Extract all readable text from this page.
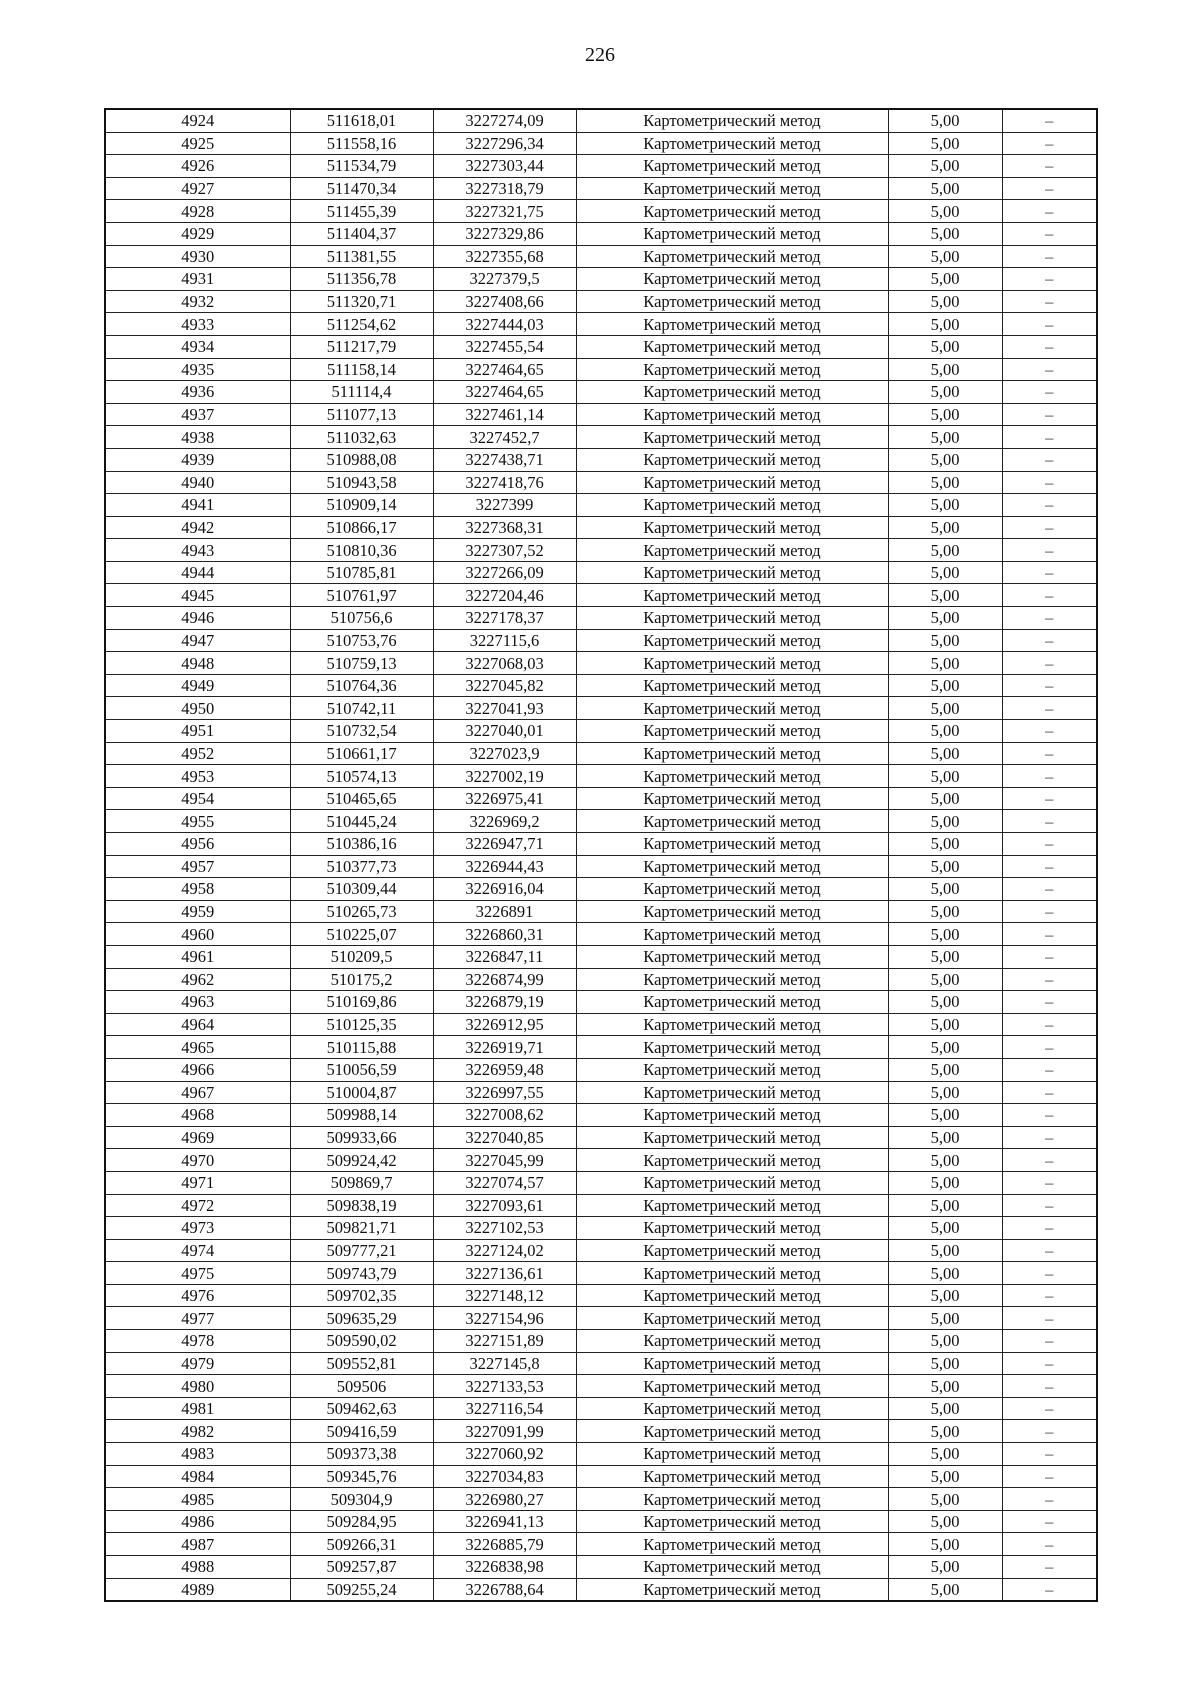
226
4924	511618,01	3227274,09	Картометрический метод	5,00	–
4925	511558,16	3227296,34	Картометрический метод	5,00	–
4926	511534,79	3227303,44	Картометрический метод	5,00	–
4927	511470,34	3227318,79	Картометрический метод	5,00	–
4928	511455,39	3227321,75	Картометрический метод	5,00	–
4929	511404,37	3227329,86	Картометрический метод	5,00	–
4930	511381,55	3227355,68	Картометрический метод	5,00	–
4931	511356,78	3227379,5	Картометрический метод	5,00	–
4932	511320,71	3227408,66	Картометрический метод	5,00	–
4933	511254,62	3227444,03	Картометрический метод	5,00	–
4934	511217,79	3227455,54	Картометрический метод	5,00	–
4935	511158,14	3227464,65	Картометрический метод	5,00	–
4936	511114,4	3227464,65	Картометрический метод	5,00	–
4937	511077,13	3227461,14	Картометрический метод	5,00	–
4938	511032,63	3227452,7	Картометрический метод	5,00	–
4939	510988,08	3227438,71	Картометрический метод	5,00	–
4940	510943,58	3227418,76	Картометрический метод	5,00	–
4941	510909,14	3227399	Картометрический метод	5,00	–
4942	510866,17	3227368,31	Картометрический метод	5,00	–
4943	510810,36	3227307,52	Картометрический метод	5,00	–
4944	510785,81	3227266,09	Картометрический метод	5,00	–
4945	510761,97	3227204,46	Картометрический метод	5,00	–
4946	510756,6	3227178,37	Картометрический метод	5,00	–
4947	510753,76	3227115,6	Картометрический метод	5,00	–
4948	510759,13	3227068,03	Картометрический метод	5,00	–
4949	510764,36	3227045,82	Картометрический метод	5,00	–
4950	510742,11	3227041,93	Картометрический метод	5,00	–
4951	510732,54	3227040,01	Картометрический метод	5,00	–
4952	510661,17	3227023,9	Картометрический метод	5,00	–
4953	510574,13	3227002,19	Картометрический метод	5,00	–
4954	510465,65	3226975,41	Картометрический метод	5,00	–
4955	510445,24	3226969,2	Картометрический метод	5,00	–
4956	510386,16	3226947,71	Картометрический метод	5,00	–
4957	510377,73	3226944,43	Картометрический метод	5,00	–
4958	510309,44	3226916,04	Картометрический метод	5,00	–
4959	510265,73	3226891	Картометрический метод	5,00	–
4960	510225,07	3226860,31	Картометрический метод	5,00	–
4961	510209,5	3226847,11	Картометрический метод	5,00	–
4962	510175,2	3226874,99	Картометрический метод	5,00	–
4963	510169,86	3226879,19	Картометрический метод	5,00	–
4964	510125,35	3226912,95	Картометрический метод	5,00	–
4965	510115,88	3226919,71	Картометрический метод	5,00	–
4966	510056,59	3226959,48	Картометрический метод	5,00	–
4967	510004,87	3226997,55	Картометрический метод	5,00	–
4968	509988,14	3227008,62	Картометрический метод	5,00	–
4969	509933,66	3227040,85	Картометрический метод	5,00	–
4970	509924,42	3227045,99	Картометрический метод	5,00	–
4971	509869,7	3227074,57	Картометрический метод	5,00	–
4972	509838,19	3227093,61	Картометрический метод	5,00	–
4973	509821,71	3227102,53	Картометрический метод	5,00	–
4974	509777,21	3227124,02	Картометрический метод	5,00	–
4975	509743,79	3227136,61	Картометрический метод	5,00	–
4976	509702,35	3227148,12	Картометрический метод	5,00	–
4977	509635,29	3227154,96	Картометрический метод	5,00	–
4978	509590,02	3227151,89	Картометрический метод	5,00	–
4979	509552,81	3227145,8	Картометрический метод	5,00	–
4980	509506	3227133,53	Картометрический метод	5,00	–
4981	509462,63	3227116,54	Картометрический метод	5,00	–
4982	509416,59	3227091,99	Картометрический метод	5,00	–
4983	509373,38	3227060,92	Картометрический метод	5,00	–
4984	509345,76	3227034,83	Картометрический метод	5,00	–
4985	509304,9	3226980,27	Картометрический метод	5,00	–
4986	509284,95	3226941,13	Картометрический метод	5,00	–
4987	509266,31	3226885,79	Картометрический метод	5,00	–
4988	509257,87	3226838,98	Картометрический метод	5,00	–
4989	509255,24	3226788,64	Картометрический метод	5,00	–
